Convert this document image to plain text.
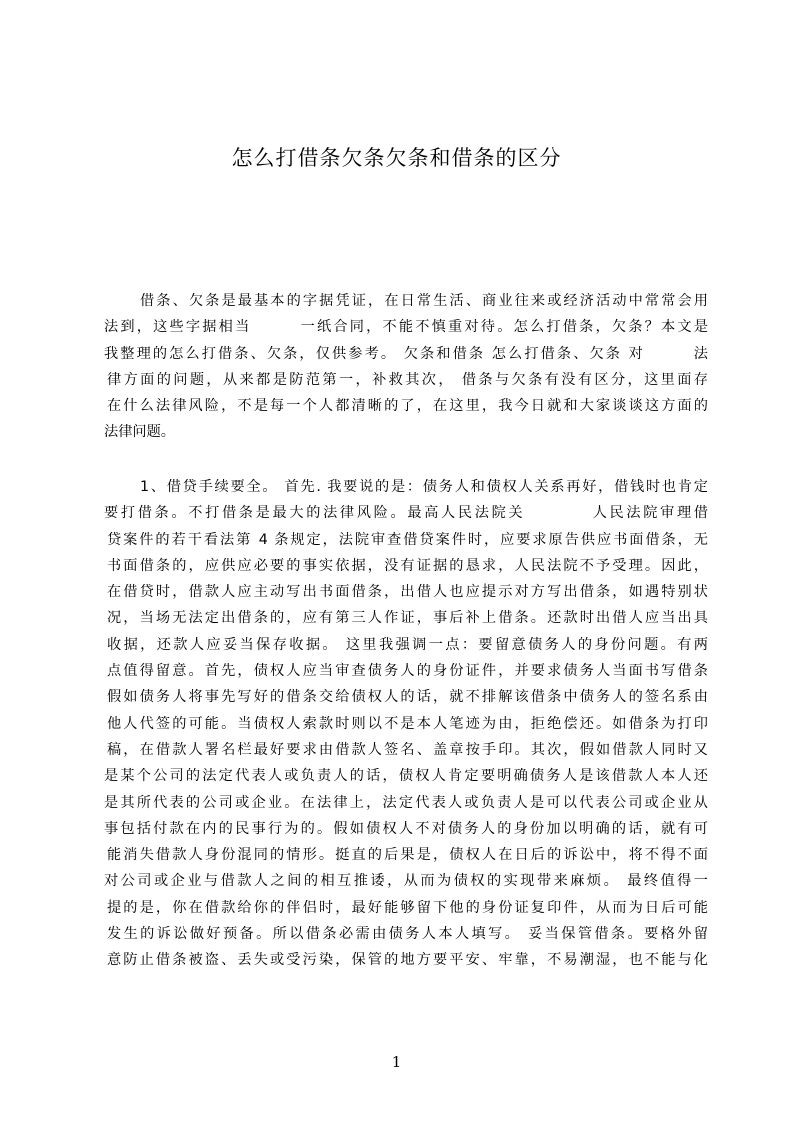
怎么打借条欠条欠条和借条的区分
借条、欠条是最基本的字据凭证，在日常生活、商业往来或经济活动中常常会用
法到，这些字据相当　　　一纸合同，不能不慎重对待。怎么打借条，欠条？本文是
我整理的怎么打借条、欠条，仅供参考。 欠条和借条 怎么打借条、欠条 对　　　法
律方面的问题，从来都是防范第一，补救其次， 借条与欠条有没有区分，这里面存
在什么法律风险，不是每一个人都清晰的了，在这里，我今日就和大家谈谈这方面的
法律问题。
1、借贷手续要全。 首先. 我要说的是：债务人和债权人关系再好，借钱时也肯定
要打借条。不打借条是最大的法律风险。最高人民法院关　　　　人民法院审理借
贷案件的若干看法第 4 条规定，法院审查借贷案件时，应要求原告供应书面借条，无
书面借条的，应供应必要的事实依据，没有证据的恳求，人民法院不予受理。因此，
在借贷时，借款人应主动写出书面借条，出借人也应提示对方写出借条，如遇特别状
况，当场无法定出借条的，应有第三人作证，事后补上借条。还款时出借人应当出具
收据，还款人应妥当保存收据。 这里我强调一点：要留意债务人的身份问题。有两
点值得留意。首先，债权人应当审查债务人的身份证件，并要求债务人当面书写借条
假如债务人将事先写好的借条交给债权人的话，就不排解该借条中债务人的签名系由
他人代签的可能。当债权人索款时则以不是本人笔迹为由，拒绝偿还。如借条为打印
稿，在借款人署名栏最好要求由借款人签名、盖章按手印。其次，假如借款人同时又
是某个公司的法定代表人或负责人的话，债权人肯定要明确债务人是该借款人本人还
是其所代表的公司或企业。在法律上，法定代表人或负责人是可以代表公司或企业从
事包括付款在内的民事行为的。假如债权人不对债务人的身份加以明确的话，就有可
能消失借款人身份混同的情形。挺直的后果是，债权人在日后的诉讼中，将不得不面
对公司或企业与借款人之间的相互推诿，从而为债权的实现带来麻烦。 最终值得一
提的是，你在借款给你的伴侣时，最好能够留下他的身份证复印件，从而为日后可能
发生的诉讼做好预备。所以借条必需由债务人本人填写。 妥当保管借条。要格外留
意防止借条被盗、丢失或受污染，保管的地方要平安、牢靠，不易潮湿，也不能与化
1
